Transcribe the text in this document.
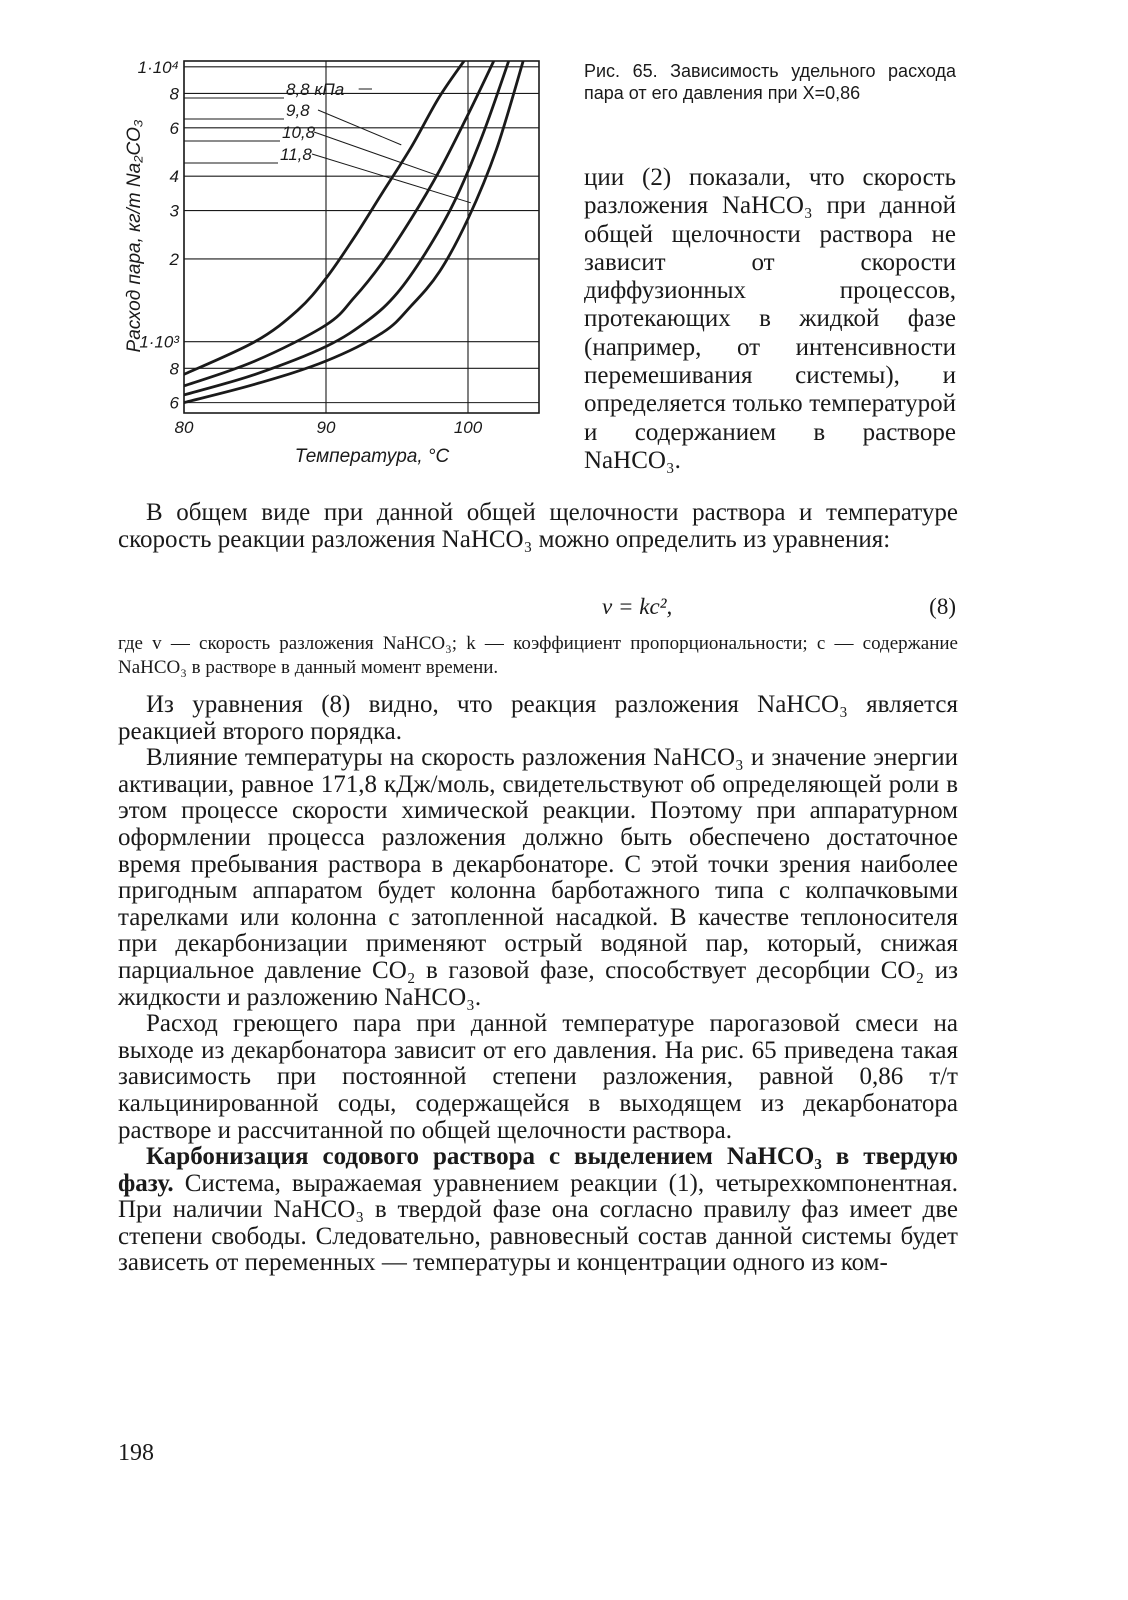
6
8
1·10³
2
3
4
6
8
1·10⁴
80	90	100
8,8 кПа
9,8
10,8
11,8
Расход пара, кг/т Na₂CO₃
Температура, °C
Рис. 65. Зависимость удельного расхода пара от его давления при X=0,86
ции (2) показали, что скорость разложения NaHCO₃ при данной общей щелочности раствора не зависит от скорости диффузионных процессов, протекающих в жидкой фазе (например, от интенсивности перемешивания системы), и определяется только температурой и содержанием в растворе NaHCO₃.

В общем виде при данной общей щелочности раствора и температуре скорость реакции разложения NaHCO₃ можно определить из уравнения:

v = kc²,	(8)
где v — скорость разложения NaHCO₃; k — коэффициент пропорциональности; c — содержание NaHCO₃ в растворе в данный момент времени.

Из уравнения (8) видно, что реакция разложения NaHCO₃ является реакцией второго порядка.

Влияние температуры на скорость разложения NaHCO₃ и значение энергии активации, равное 171,8 кДж/моль, свидетельствуют об определяющей роли в этом процессе скорости химической реакции. Поэтому при аппаратурном оформлении процесса разложения должно быть обеспечено достаточное время пребывания раствора в декарбонаторе. С этой точки зрения наиболее пригодным аппаратом будет колонна барботажного типа с колпачковыми тарелками или колонна с затопленной насадкой. В качестве теплоносителя при декарбонизации применяют острый водяной пар, который, снижая парциальное давление CO₂ в газовой фазе, способствует десорбции CO₂ из жидкости и разложению NaHCO₃.

Расход греющего пара при данной температуре парогазовой смеси на выходе из декарбонатора зависит от его давления. На рис. 65 приведена такая зависимость при постоянной степени разложения, равной 0,86 т/т кальцинированной соды, содержащейся в выходящем из декарбонатора растворе и рассчитанной по общей щелочности раствора.

Карбонизация содового раствора с выделением NaHCO₃ в твердую фазу. Система, выражаемая уравнением реакции (1), четырехкомпонентная. При наличии NaHCO₃ в твердой фазе она согласно правилу фаз имеет две степени свободы. Следовательно, равновесный состав данной системы будет зависеть от переменных — температуры и концентрации одного из ком-

198
